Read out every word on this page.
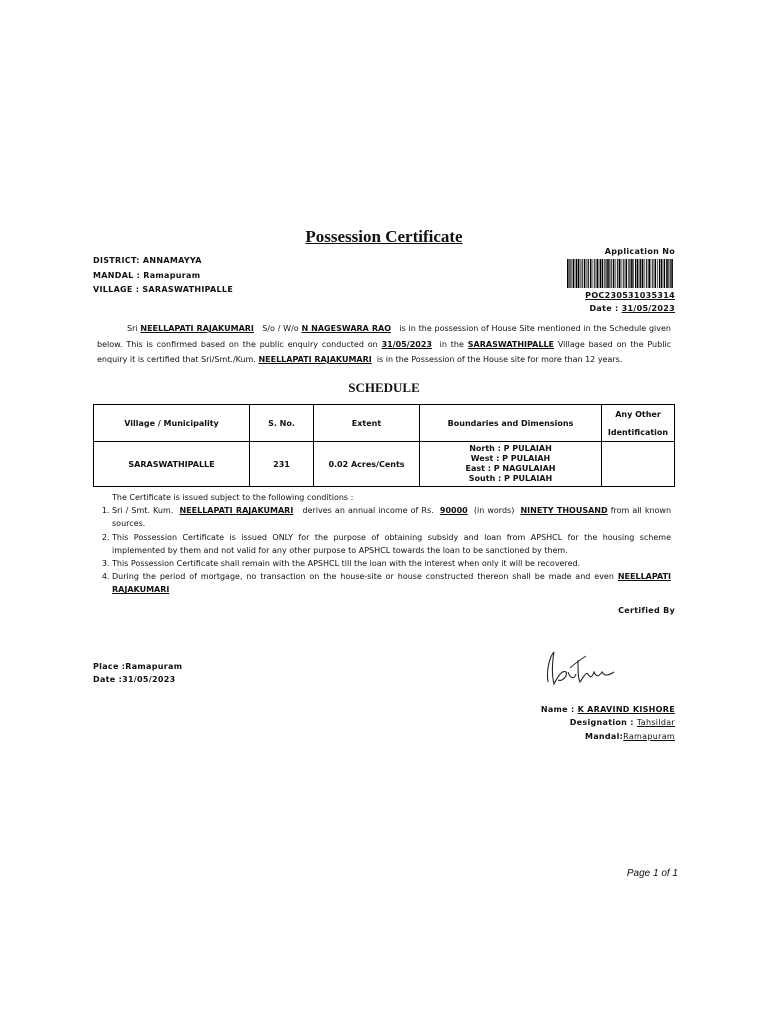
Possession Certificate
DISTRICT: ANNAMAYYA
MANDAL : Ramapuram
VILLAGE : SARASWATHIPALLE
Application No
POC230531035314
Date : 31/05/2023
Sri NEELLAPATI RAJAKUMARI S/o / W/o N NAGESWARA RAO is in the possession of House Site mentioned in the Schedule given below. This is confirmed based on the public enquiry conducted on 31/05/2023 in the SARASWATHIPALLE Village based on the Public enquiry it is certified that Sri/Smt./Kum. NEELLAPATI RAJAKUMARI is in the Possession of the House site for more than 12 years.
SCHEDULE
Village / Municipality	S. No.	Extent	Boundaries and Dimensions	Any Other
Identification

SARASWATHIPALLE	231	0.02 Acres/Cents	North : P PULAIAH
West : P PULAIAH
East : P NAGULAIAH
South : P PULAIAH	

The Certificate is issued subject to the following conditions :
1. Sri / Smt. Kum. NEELLAPATI RAJAKUMARI derives an annual income of Rs. 90000 (in words) NINETY THOUSAND from all known sources.
2. This Possession Certificate is issued ONLY for the purpose of obtaining subsidy and loan from APSHCL for the housing scheme implemented by them and not valid for any other purpose to APSHCL towards the loan to be sanctioned by them.
3. This Possession Certificate shall remain with the APSHCL till the loan with the interest when only it will be recovered.
4. During the period of mortgage, no transaction on the house-site or house constructed thereon shall be made and even NEELLAPATI RAJAKUMARI
Certified By
Place :Ramapuram
Date :31/05/2023
Name : K ARAVIND KISHORE
Designation : Tahsildar
Mandal:Ramapuram
Page 1 of 1
